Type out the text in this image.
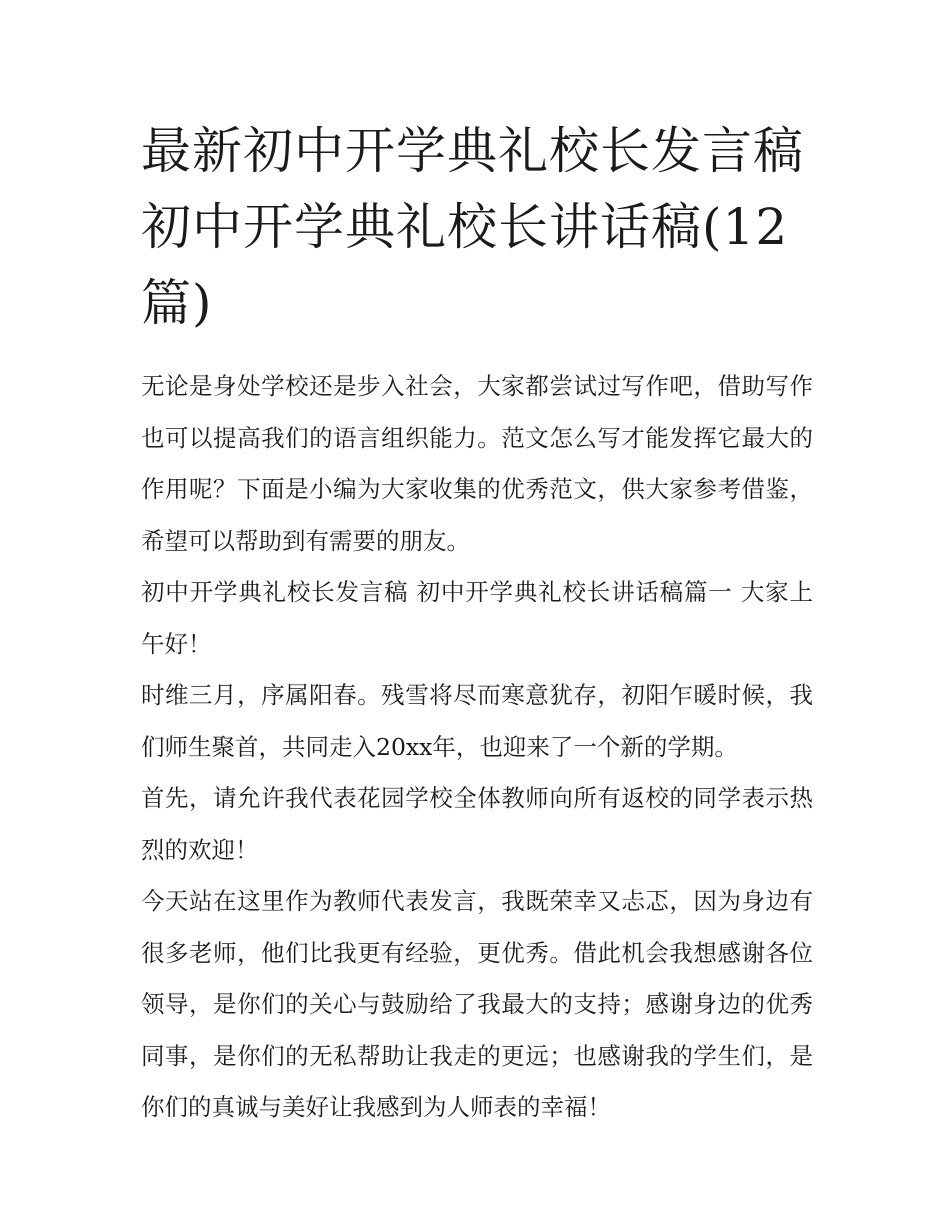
最新初中开学典礼校长发言稿初中开学典礼校长讲话稿(12篇)

无论是身处学校还是步入社会，大家都尝试过写作吧，借助写作也可以提高我们的语言组织能力。范文怎么写才能发挥它最大的作用呢？下面是小编为大家收集的优秀范文，供大家参考借鉴，希望可以帮助到有需要的朋友。

初中开学典礼校长发言稿 初中开学典礼校长讲话稿篇一 大家上午好！

时维三月，序属阳春。残雪将尽而寒意犹存，初阳乍暖时候，我们师生聚首，共同走入20xx年，也迎来了一个新的学期。

首先，请允许我代表花园学校全体教师向所有返校的同学表示热烈的欢迎！

今天站在这里作为教师代表发言，我既荣幸又忐忑，因为身边有很多老师，他们比我更有经验，更优秀。借此机会我想感谢各位领导，是你们的关心与鼓励给了我最大的支持；感谢身边的优秀同事，是你们的无私帮助让我走的更远；也感谢我的学生们，是你们的真诚与美好让我感到为人师表的幸福！
